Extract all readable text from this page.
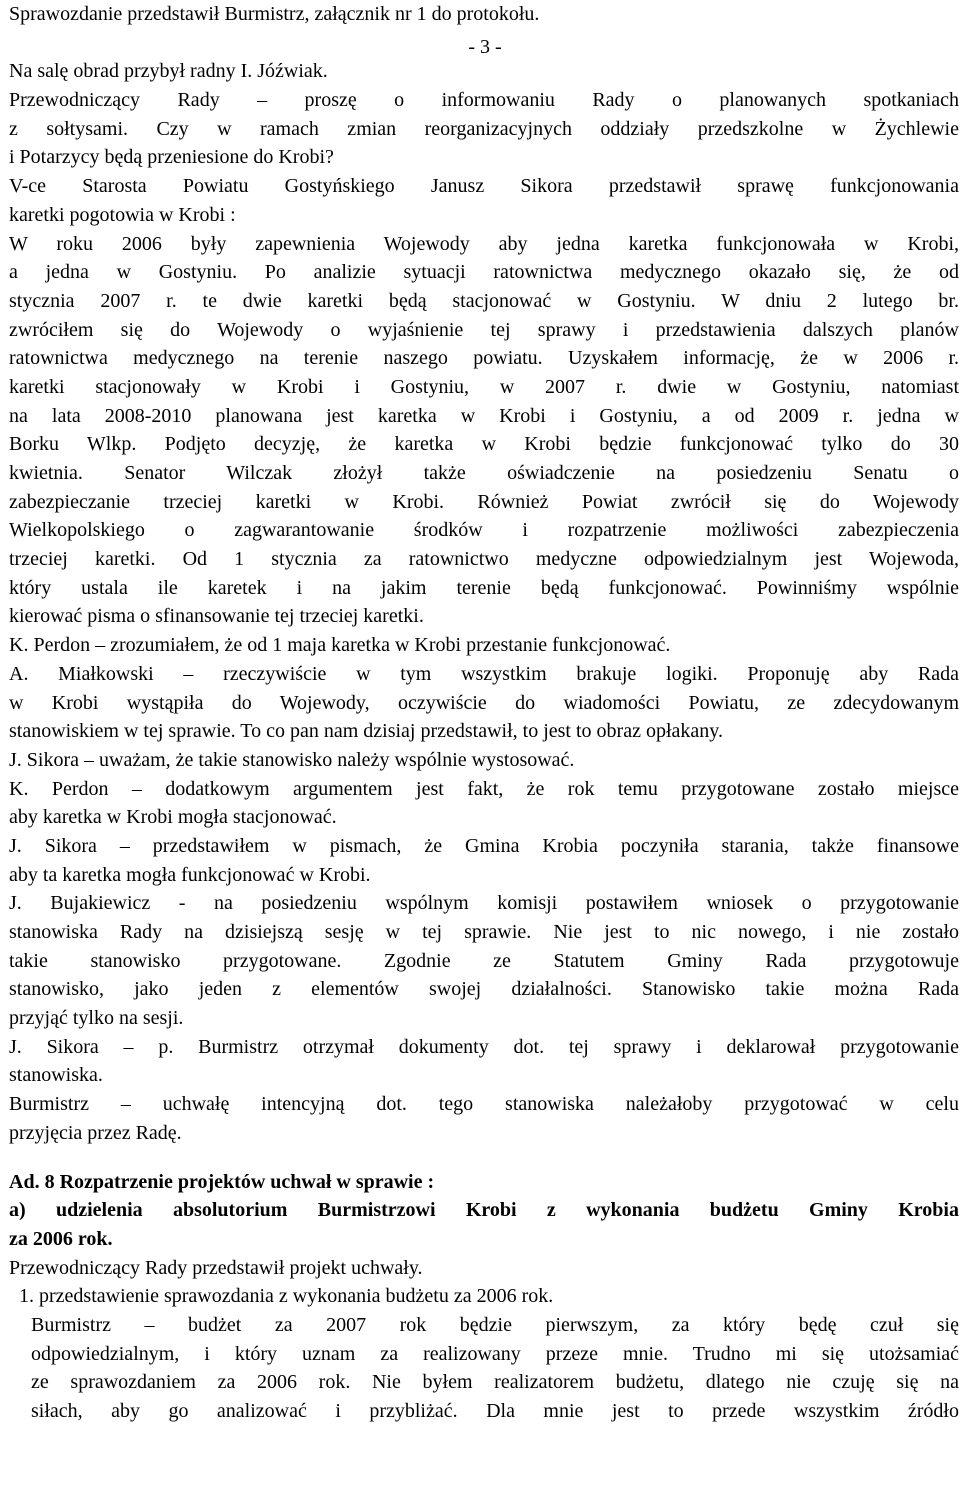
Sprawozdanie przedstawił Burmistrz, załącznik nr 1 do protokołu.
Na salę obrad przybył radny I. Jóźwiak.
Przewodniczący Rady – proszę o informowaniu Rady o planowanych spotkaniach
z sołtysami. Czy w ramach zmian reorganizacyjnych oddziały przedszkolne w Żychlewie
i Potarzycy będą przeniesione do Krobi?
V-ce Starosta Powiatu Gostyńskiego Janusz Sikora przedstawił sprawę funkcjonowania
karetki pogotowia w Krobi :
W roku 2006 były zapewnienia Wojewody aby jedna karetka funkcjonowała w Krobi,
a jedna w Gostyniu. Po analizie sytuacji ratownictwa medycznego okazało się, że od
stycznia 2007 r. te dwie karetki będą stacjonować w Gostyniu. W dniu 2 lutego br.
zwróciłem się do Wojewody o wyjaśnienie tej sprawy i przedstawienia dalszych planów
ratownictwa medycznego na terenie naszego powiatu. Uzyskałem informację, że w 2006 r.
karetki stacjonowały w Krobi i Gostyniu, w 2007 r. dwie w Gostyniu, natomiast
na lata 2008-2010 planowana jest karetka w Krobi i Gostyniu, a od 2009 r. jedna w
Borku Wlkp. Podjęto decyzję, że karetka w Krobi będzie funkcjonować tylko do 30
kwietnia. Senator Wilczak złożył także oświadczenie na posiedzeniu Senatu o
zabezpieczanie trzeciej karetki w Krobi. Również Powiat zwrócił się do Wojewody
Wielkopolskiego o zagwarantowanie środków i rozpatrzenie możliwości zabezpieczenia
trzeciej karetki. Od 1 stycznia za ratownictwo medyczne odpowiedzialnym jest Wojewoda,
który ustala ile karetek i na jakim terenie będą funkcjonować. Powinniśmy wspólnie
kierować pisma o sfinansowanie tej trzeciej karetki.
K. Perdon – zrozumiałem, że od 1 maja karetka w Krobi przestanie funkcjonować.
A. Miałkowski – rzeczywiście w tym wszystkim brakuje logiki. Proponuję aby Rada
w Krobi wystąpiła do Wojewody, oczywiście do wiadomości Powiatu, ze zdecydowanym
stanowiskiem w tej sprawie. To co pan nam dzisiaj przedstawił, to jest to obraz opłakany.
J. Sikora – uważam, że takie stanowisko należy wspólnie wystosować.
K. Perdon – dodatkowym argumentem jest fakt, że rok temu przygotowane zostało miejsce
aby karetka w Krobi mogła stacjonować.
J. Sikora – przedstawiłem w pismach, że Gmina Krobia poczyniła starania, także finansowe
aby ta karetka mogła funkcjonować w Krobi.
J. Bujakiewicz - na posiedzeniu wspólnym komisji postawiłem wniosek o przygotowanie
stanowiska Rady na dzisiejszą sesję w tej sprawie. Nie jest to nic nowego, i nie zostało
takie stanowisko przygotowane. Zgodnie ze Statutem Gminy Rada przygotowuje
stanowisko, jako jeden z elementów swojej działalności. Stanowisko takie można Rada
przyjąć tylko na sesji.
J. Sikora – p. Burmistrz otrzymał dokumenty dot. tej sprawy i deklarował przygotowanie
stanowiska.
Burmistrz – uchwałę intencyjną dot. tego stanowiska należałoby przygotować w celu
przyjęcia przez Radę.
Ad. 8 Rozpatrzenie projektów uchwał w sprawie :
a) udzielenia absolutorium Burmistrzowi Krobi z wykonania budżetu Gminy Krobia
za 2006 rok.
Przewodniczący Rady przedstawił projekt uchwały.
1. przedstawienie sprawozdania z wykonania budżetu za 2006 rok.
Burmistrz – budżet za 2007 rok będzie pierwszym, za który będę czuł się
odpowiedzialnym, i który uznam za realizowany przeze mnie. Trudno mi się utożsamiać
ze sprawozdaniem za 2006 rok. Nie byłem realizatorem budżetu, dlatego nie czuję się na
siłach, aby go analizować i przybliżać. Dla mnie jest to przede wszystkim źródło
- 3 -
